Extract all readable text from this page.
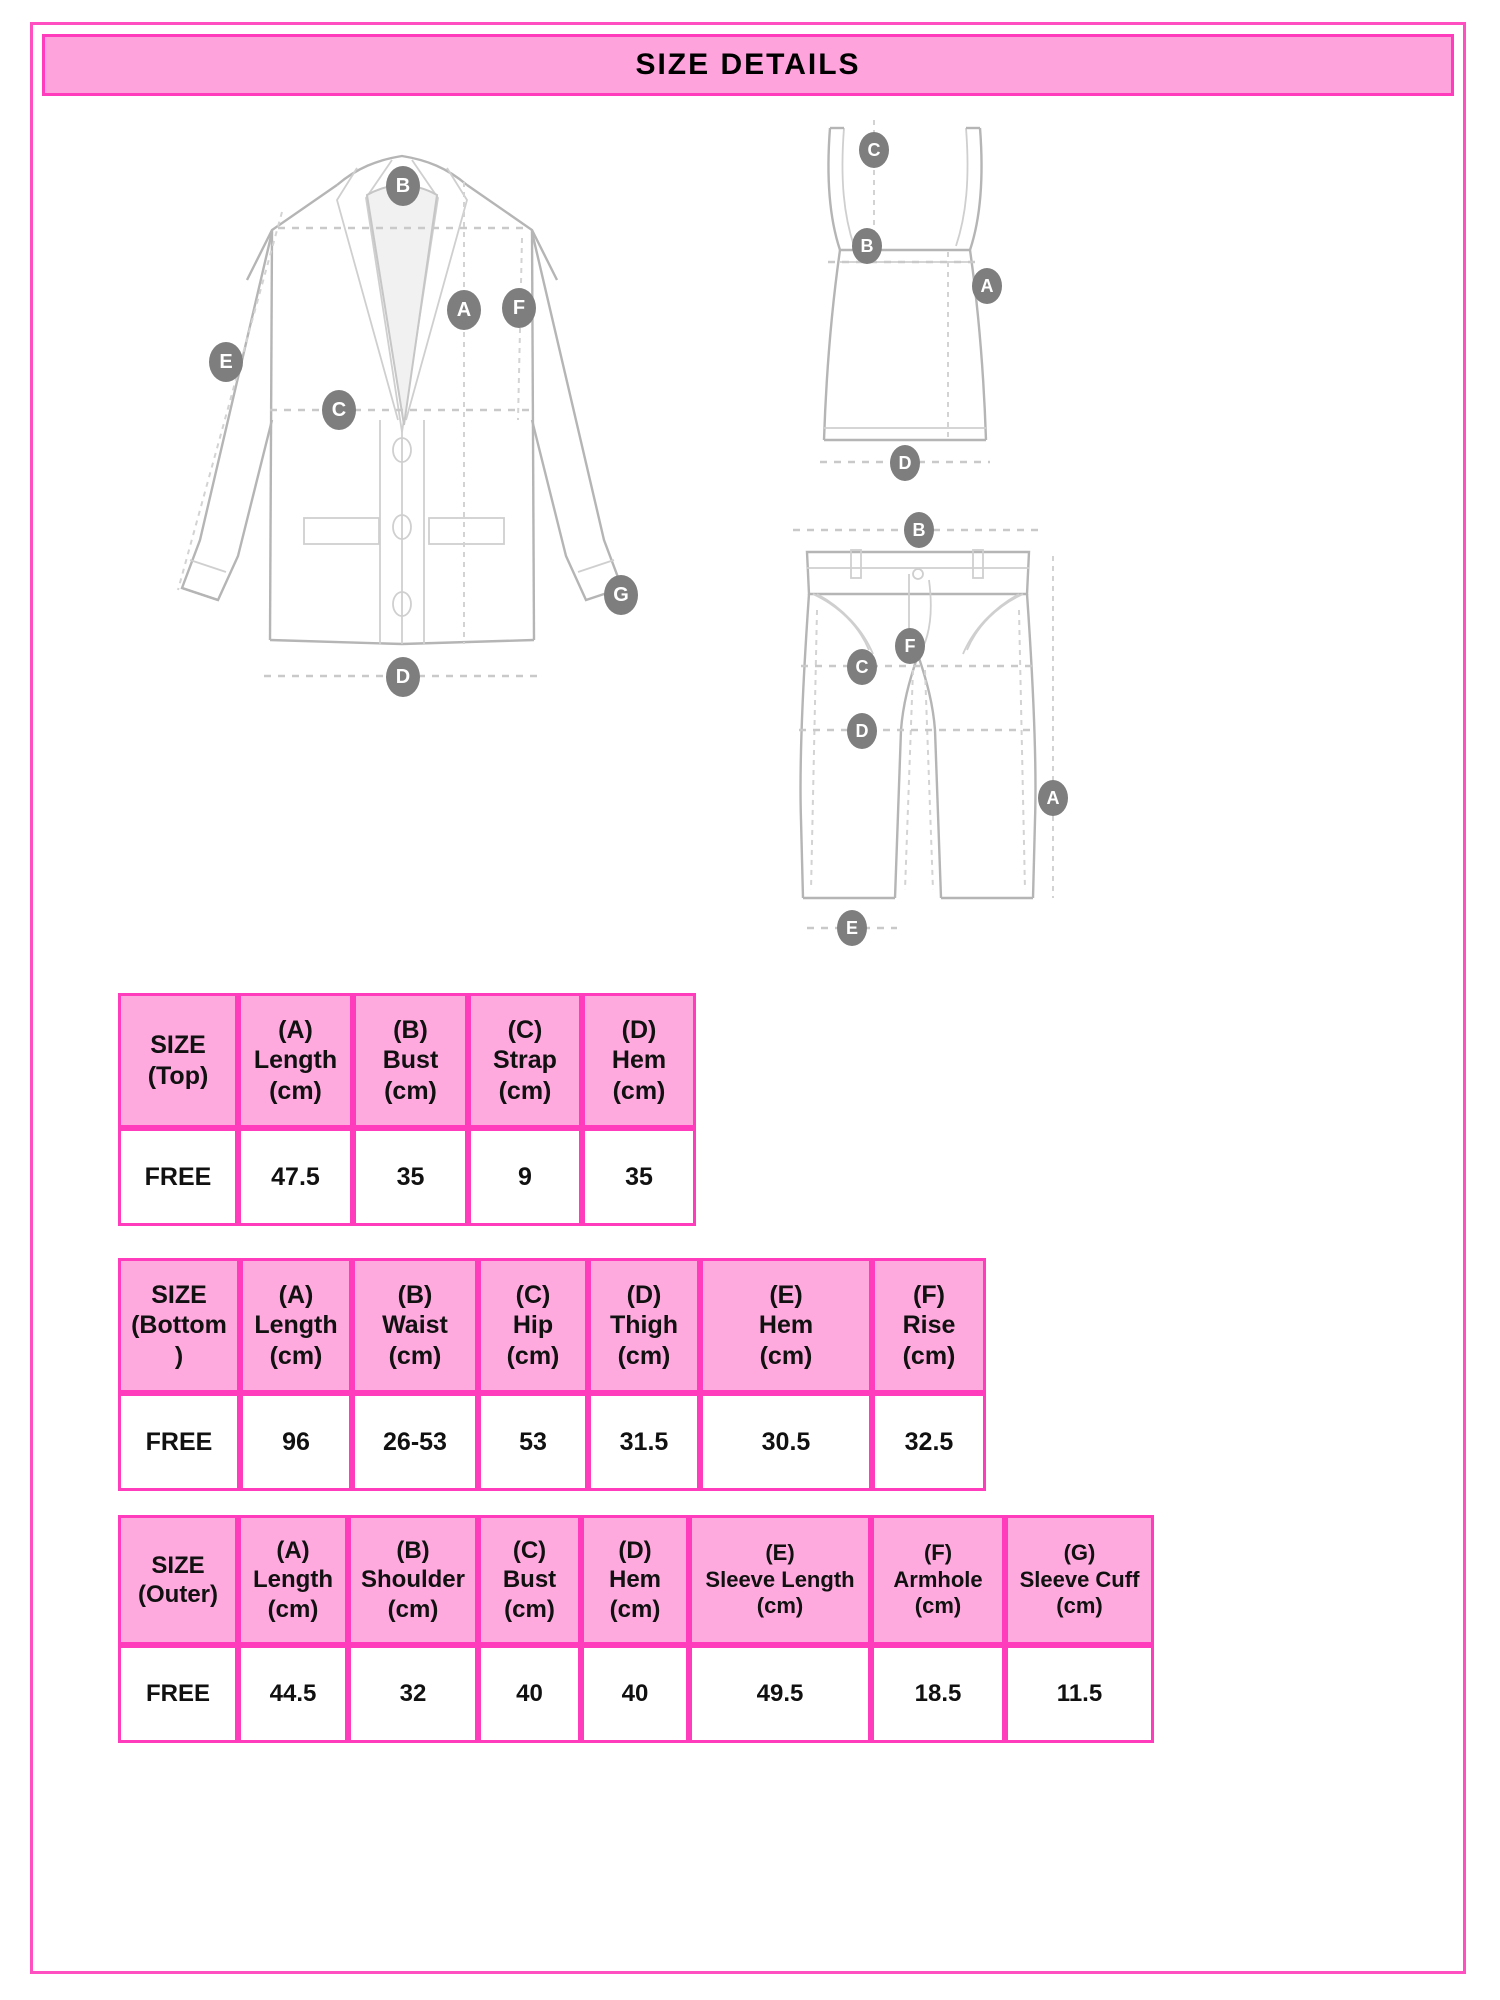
SIZE DETAILS
B
A	F
E
C
D
G
C
B
A
D
B
F
C
D
A
E
SIZE
(Top)

(A)
Length
(cm)

(B)
Bust
(cm)

(C)
Strap
(cm)

(D)
Hem
(cm)

FREE	47.5	35	9	35
SIZE
(Bottom
)

(A)
Length
(cm)

(B)
Waist
(cm)

(C)
Hip
(cm)

(D)
Thigh
(cm)

(E)
Hem
(cm)

(F)
Rise
(cm)

FREE	96	26-53	53	31.5	30.5	32.5
SIZE
(Outer)

(A)
Length
(cm)

(B)
Shoulder
(cm)

(C)
Bust
(cm)

(D)
Hem
(cm)

(E)
Sleeve Length
(cm)

(F)
Armhole
(cm)

(G)
Sleeve Cuff
(cm)

FREE	44.5	32	40	40	49.5	18.5	11.5
